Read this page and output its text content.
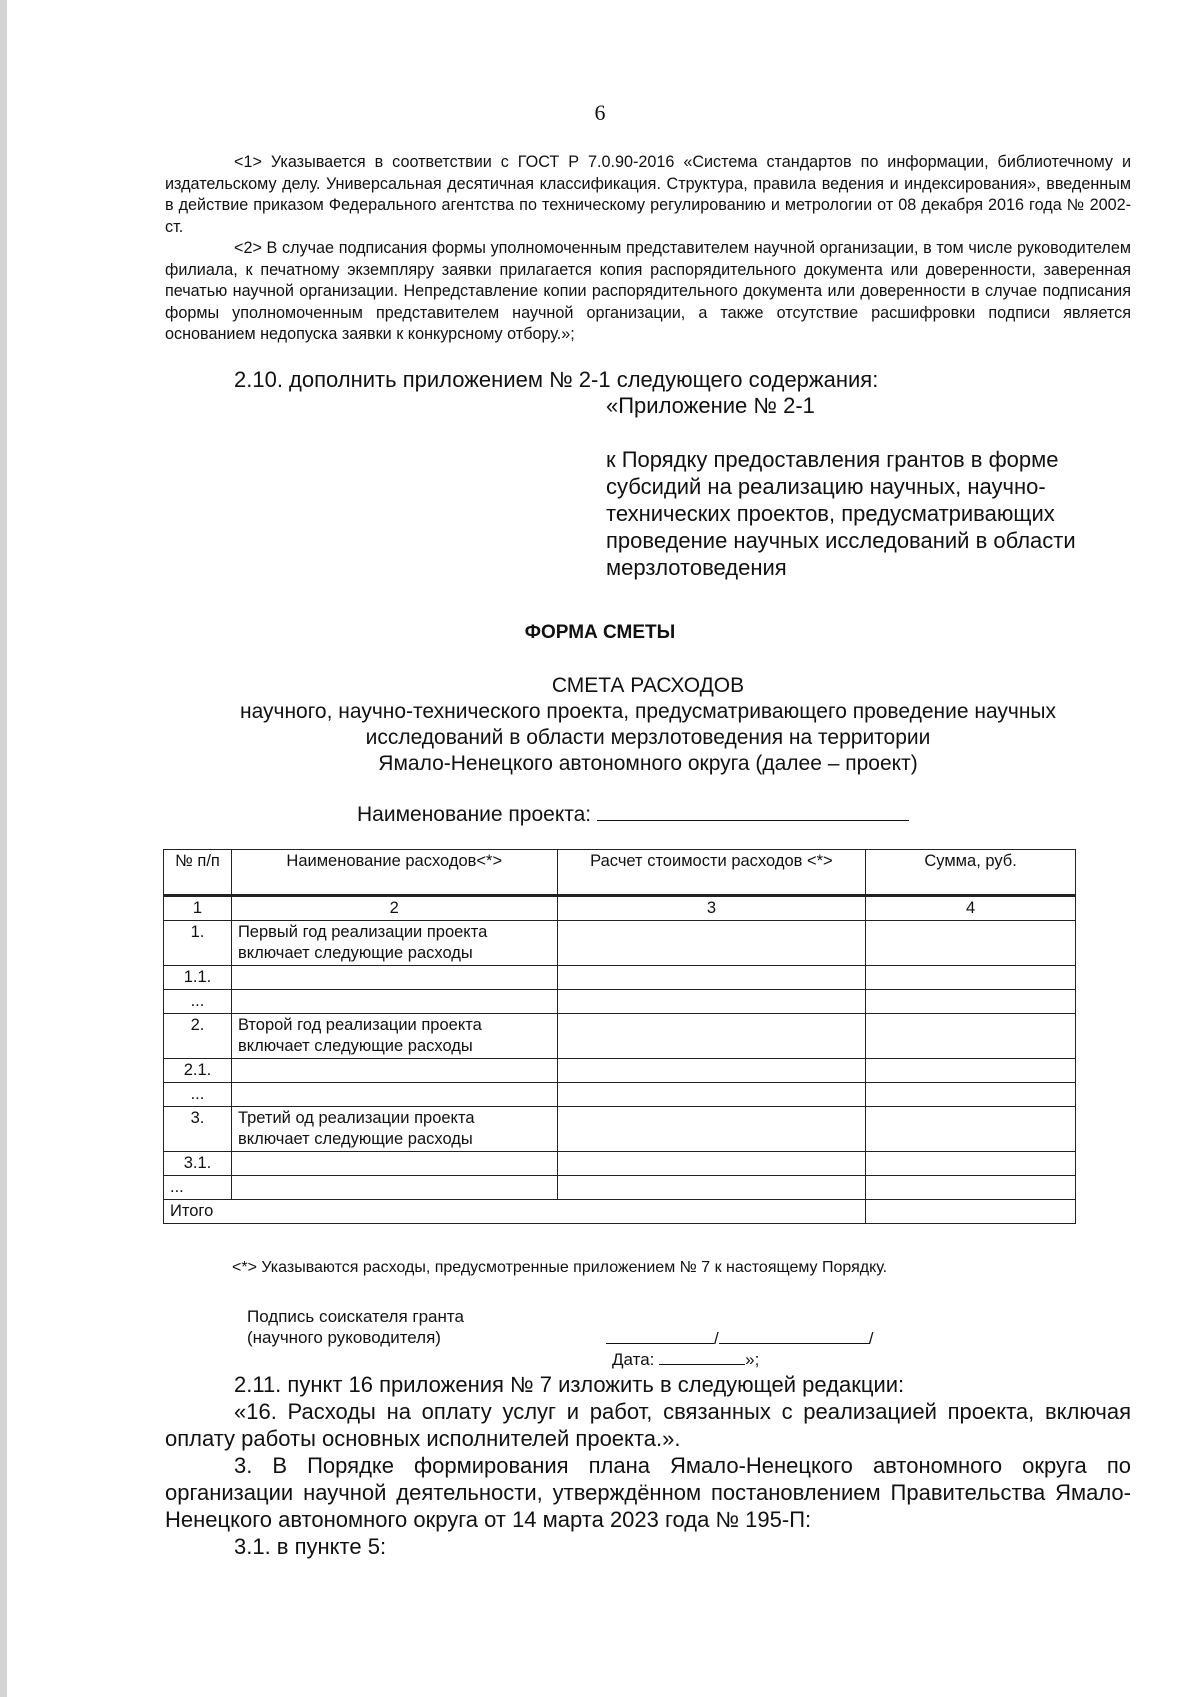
6

<1> Указывается в соответствии с ГОСТ Р 7.0.90-2016 «Система стандартов по информации, библиотечному и издательскому делу. Универсальная десятичная классификация. Структура, правила ведения и индексирования», введенным в действие приказом Федерального агентства по техническому регулированию и метрологии от 08 декабря 2016 года № 2002-ст.

<2> В случае подписания формы уполномоченным представителем научной организации, в том числе руководителем филиала, к печатному экземпляру заявки прилагается копия распорядительного документа или доверенности, заверенная печатью научной организации. Непредставление копии распорядительного документа или доверенности в случае подписания формы уполномоченным представителем научной организации, а также отсутствие расшифровки подписи является основанием недопуска заявки к конкурсному отбору.»;

2.10. дополнить приложением № 2-1 следующего содержания:
«Приложение № 2-1
к Порядку предоставления грантов в форме субсидий на реализацию научных, научно-технических проектов, предусматривающих проведение научных исследований в области мерзлотоведения
ФОРМА СМЕТЫ
СМЕТА РАСХОДОВ
научного, научно-технического проекта, предусматривающего проведение научных
исследований в области мерзлотоведения на территории
Ямало-Ненецкого автономного округа (далее – проект)
Наименование проекта:
№ п/п	Наименование расходов<*>	Расчет стоимости расходов <*>	Сумма, руб.
1	2	3	4
1.	Первый год реализации проекта включает следующие расходы		
1.1.			
...			
2.	Второй год реализации проекта включает следующие расходы		
2.1.			
...			
3.	Третий од реализации проекта включает следующие расходы		
3.1.			
...			
Итого			
<*> Указываются расходы, предусмотренные приложением № 7 к настоящему Порядку.
Подпись соискателя гранта
(научного руководителя)	/	/
Дата:	»;

2.11. пункт 16 приложения № 7 изложить в следующей редакции:

«16. Расходы на оплату услуг и работ, связанных с реализацией проекта, включая оплату работы основных исполнителей проекта.».

3. В Порядке формирования плана Ямало-Ненецкого автономного округа по организации научной деятельности, утверждённом постановлением Правительства Ямало-Ненецкого автономного округа от 14 марта 2023 года № 195-П:

3.1. в пункте 5:
